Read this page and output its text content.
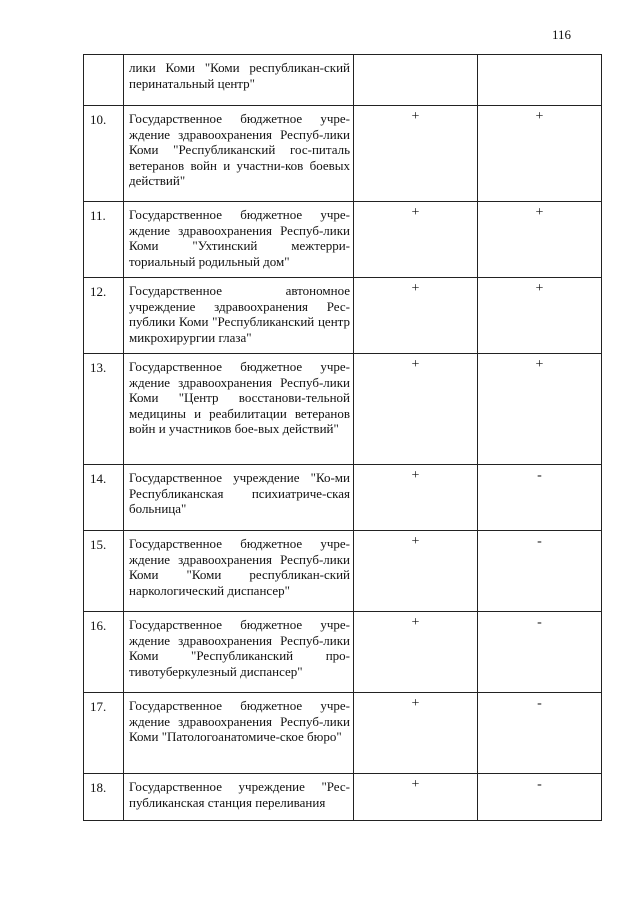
116
	лики Коми "Коми республикан-ский перинатальный центр"		
10.	Государственное бюджетное учре-ждение здравоохранения Респуб-лики Коми "Республиканский гос-питаль ветеранов войн и участни-ков боевых действий"	+	+
11.	Государственное бюджетное учре-ждение здравоохранения Респуб-лики Коми "Ухтинский межтерри-ториальный родильный дом"	+	+
12.	Государственное автономное учреждение здравоохранения Рес-публики Коми "Республиканский центр микрохирургии глаза"	+	+
13.	Государственное бюджетное учре-ждение здравоохранения Респуб-лики Коми "Центр восстанови-тельной медицины и реабилитации ветеранов войн и участников бое-вых действий"	+	+
14.	Государственное учреждение "Ко-ми Республиканская психиатриче-ская больница"	+	-
15.	Государственное бюджетное учре-ждение здравоохранения Респуб-лики Коми "Коми республикан-ский наркологический диспансер"	+	-
16.	Государственное бюджетное учре-ждение здравоохранения Респуб-лики Коми "Республиканский про-тивотуберкулезный диспансер"	+	-
17.	Государственное бюджетное учре-ждение здравоохранения Респуб-лики Коми "Патологоанатомиче-ское бюро"	+	-
18.	Государственное учреждение "Рес-публиканская станция переливания	+	-
